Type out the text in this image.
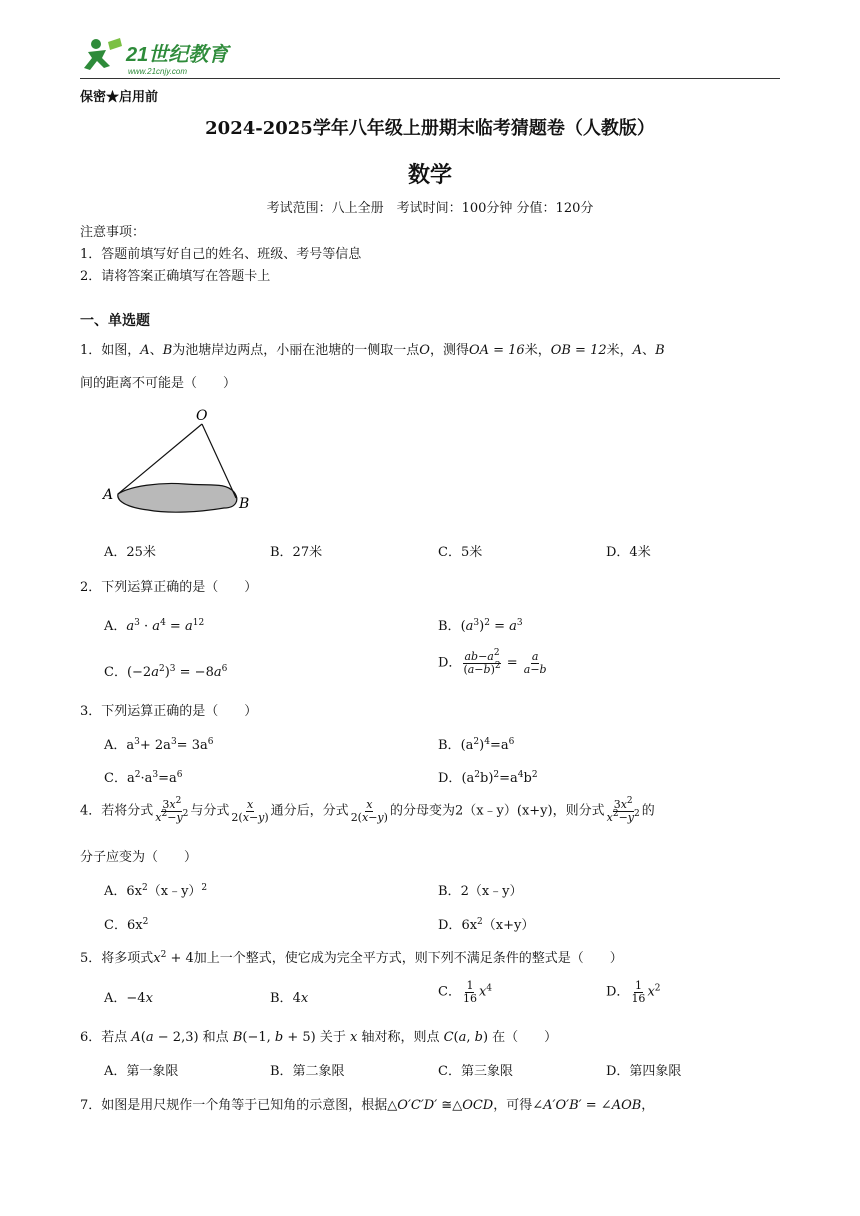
21世纪教育
www.21cnjy.com
保密★启用前
2024-2025学年八年级上册期末临考猜题卷（人教版）
数学
考试范围：八上全册　考试时间：100分钟 分值：120分
注意事项：
1．答题前填写好自己的姓名、班级、考号等信息
2．请将答案正确填写在答题卡上
一、单选题
1．如图，A、B为池塘岸边两点，小丽在池塘的一侧取一点O，测得OA = 16米，OB = 12米，A、B
间的距离不可能是（　　）
O
A
B
A．25米	B．27米	C．5米	D．4米
2．下列运算正确的是（　　）
A．$a^3 \cdot a^4 = a^{12}$	B．$(a^3)^2 = a^3$
C．$(-2a^2)^3 = -8a^6$	D． $\frac{ab-a^2}{(a-b)^2} = \frac{a}{a-b}$
3．下列运算正确的是（　　）
A．$a^3+ 2a^3= 3a^6$	B．$(a^2)^4=a^6$
C．$a^2\cdot a^3=a^6$	D．$(a^2b)^2=a^4b^2$
4．若将分式 $\frac{3x^2}{x^2-y^2}$ 与分式 $\frac{x}{2(x-y)}$ 通分后，分式 $\frac{x}{2(x-y)}$ 的分母变为2（x﹣y）(x+y)，则分式 $\frac{3x^2}{x^2-y^2}$ 的
分子应变为（　　）
A．$6x^2(x﹣y)^2$	B．2（x﹣y）
C．$6x^2$	D．$6x^2(x+y)$
5．将多项式$x^2 + 4$加上一个整式，使它成为完全平方式，则下列不满足条件的整式是（　　）
A．−4x	B．4x	C． $\frac{1}{16} x^4$	D． $\frac{1}{16} x^2$
6．若点 A(a − 2,3) 和点 B(−1, b + 5) 关于 x 轴对称，则点 C(a, b) 在（　　）
A．第一象限	B．第二象限	C．第三象限	D．第四象限
7．如图是用尺规作一个角等于已知角的示意图，根据△O′C′D′ ≅△OCD，可得∠A′O′B′ = ∠AOB，
